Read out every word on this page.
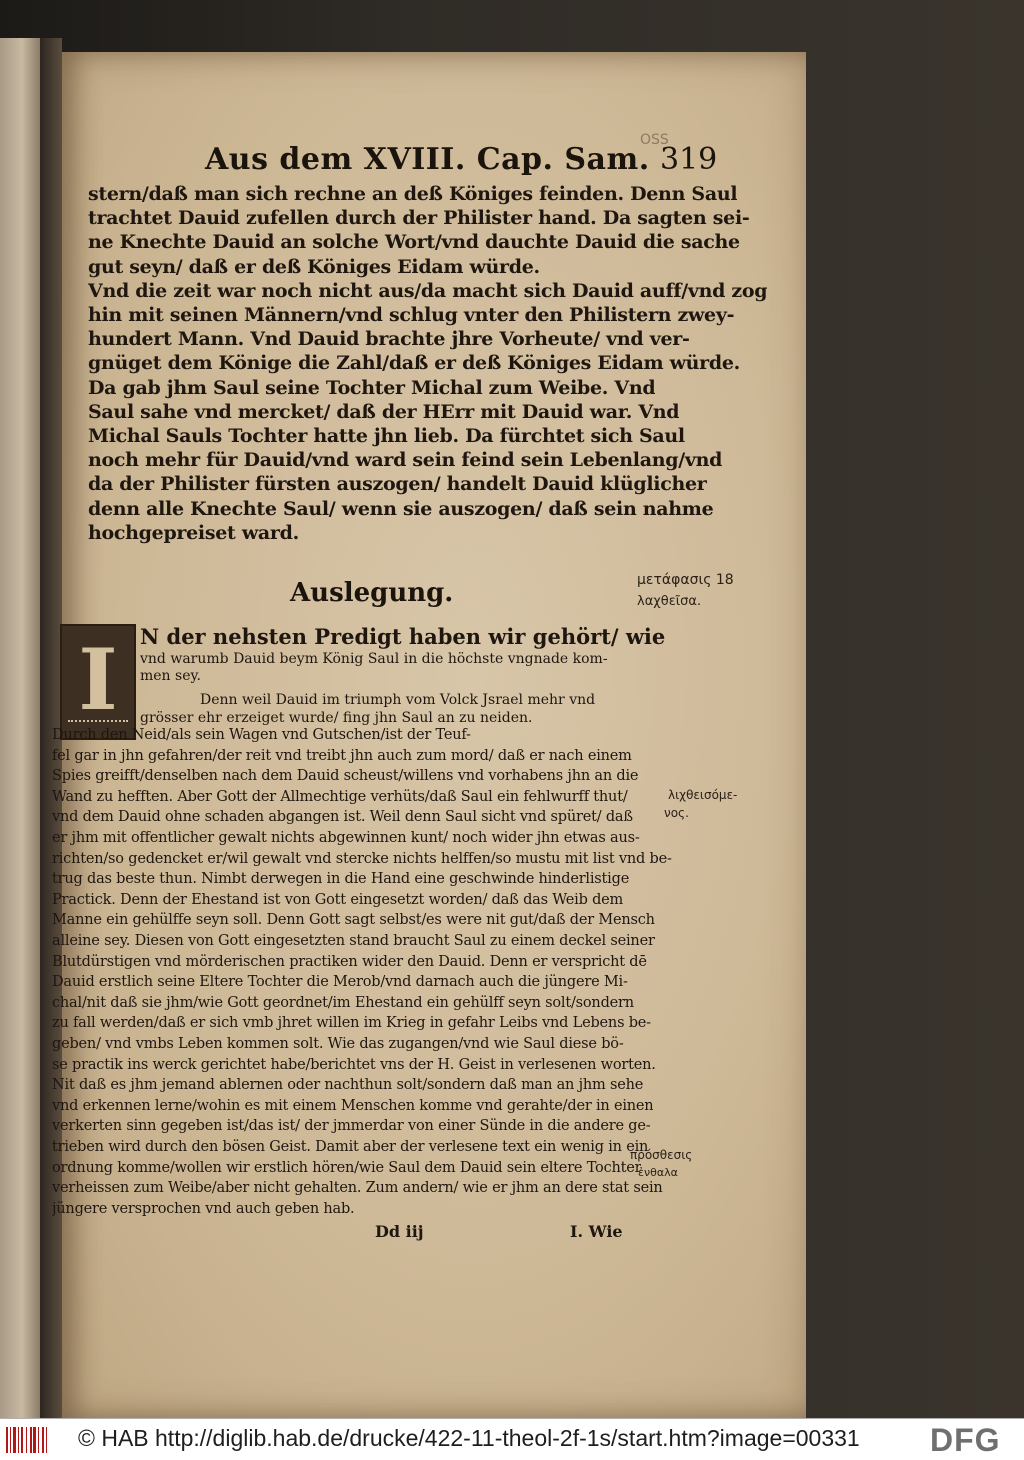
Aus dem XVIII. Cap. Sam.
OSS
319
stern/daß man sich rechne an deß Königes feinden. Denn Saul
trachtet Dauid zufellen durch der Philister hand. Da sagten sei-
ne Knechte Dauid an solche Wort/vnd dauchte Dauid die sache
gut seyn/ daß er deß Königes Eidam würde.
Vnd die zeit war noch nicht aus/da macht sich Dauid auff/vnd zog
hin mit seinen Männern/vnd schlug vnter den Philistern zwey-
hundert Mann. Vnd Dauid brachte jhre Vorheute/ vnd ver-
gnüget dem Könige die Zahl/daß er deß Königes Eidam würde.
Da gab jhm Saul seine Tochter Michal zum Weibe. Vnd
Saul sahe vnd mercket/ daß der HErr mit Dauid war. Vnd
Michal Sauls Tochter hatte jhn lieb. Da fürchtet sich Saul
noch mehr für Dauid/vnd ward sein feind sein Lebenlang/vnd
da der Philister fürsten auszogen/ handelt Dauid klüglicher
denn alle Knechte Saul/ wenn sie auszogen/ daß sein nahme
hochgepreiset ward.
Auslegung.
I	N der nehsten Predigt haben wir gehört/ wie
vnd warumb Dauid beym König Saul in die höchste vngnade kom-
men sey.
Denn weil Dauid im triumph vom Volck Jsrael mehr vnd
grösser ehr erzeiget wurde/ fing jhn Saul an zu neiden.
Durch den Neid/als sein Wagen vnd Gutschen/ist der Teuf-
fel gar in jhn gefahren/der reit vnd treibt jhn auch zum mord/ daß er nach einem
Spies greifft/denselben nach dem Dauid scheust/willens vnd vorhabens jhn an die
Wand zu hefften. Aber Gott der Allmechtige verhüts/daß Saul ein fehlwurff thut/
vnd dem Dauid ohne schaden abgangen ist. Weil denn Saul sicht vnd spüret/ daß
er jhm mit offentlicher gewalt nichts abgewinnen kunt/ noch wider jhn etwas aus-
richten/so gedencket er/wil gewalt vnd stercke nichts helffen/so mustu mit list vnd be-
trug das beste thun. Nimbt derwegen in die Hand eine geschwinde hinderlistige
Practick. Denn der Ehestand ist von Gott eingesetzt worden/ daß das Weib dem
Manne ein gehülffe seyn soll. Denn Gott sagt selbst/es were nit gut/daß der Mensch
alleine sey. Diesen von Gott eingesetzten stand braucht Saul zu einem deckel seiner
Blutdürstigen vnd mörderischen practiken wider den Dauid. Denn er verspricht dē
Dauid erstlich seine Eltere Tochter die Merob/vnd darnach auch die jüngere Mi-
chal/nit daß sie jhm/wie Gott geordnet/im Ehestand ein gehülff seyn solt/sondern
zu fall werden/daß er sich vmb jhret willen im Krieg in gefahr Leibs vnd Lebens be-
geben/ vnd vmbs Leben kommen solt. Wie das zugangen/vnd wie Saul diese bö-
se practik ins werck gerichtet habe/berichtet vns der H. Geist in verlesenen worten.
Nit daß es jhm jemand ablernen oder nachthun solt/sondern daß man an jhm sehe
vnd erkennen lerne/wohin es mit einem Menschen komme vnd gerahte/der in einen
verkerten sinn gegeben ist/das ist/ der jmmerdar von einer Sünde in die andere ge-
trieben wird durch den bösen Geist. Damit aber der verlesene text ein wenig in ein
ordnung komme/wollen wir erstlich hören/wie Saul dem Dauid sein eltere Tochter
verheissen zum Weibe/aber nicht gehalten. Zum andern/ wie er jhm an dere stat sein
jüngere versprochen vnd auch geben hab.
Dd iij	I. Wie
μετάφασις 18
λαχθεῖσα.
λιχθεισόμε-
νος.
πρόσθεσις
ἐνθαλα
© HAB http://diglib.hab.de/drucke/422-11-theol-2f-1s/start.htm?image=00331 DFG
